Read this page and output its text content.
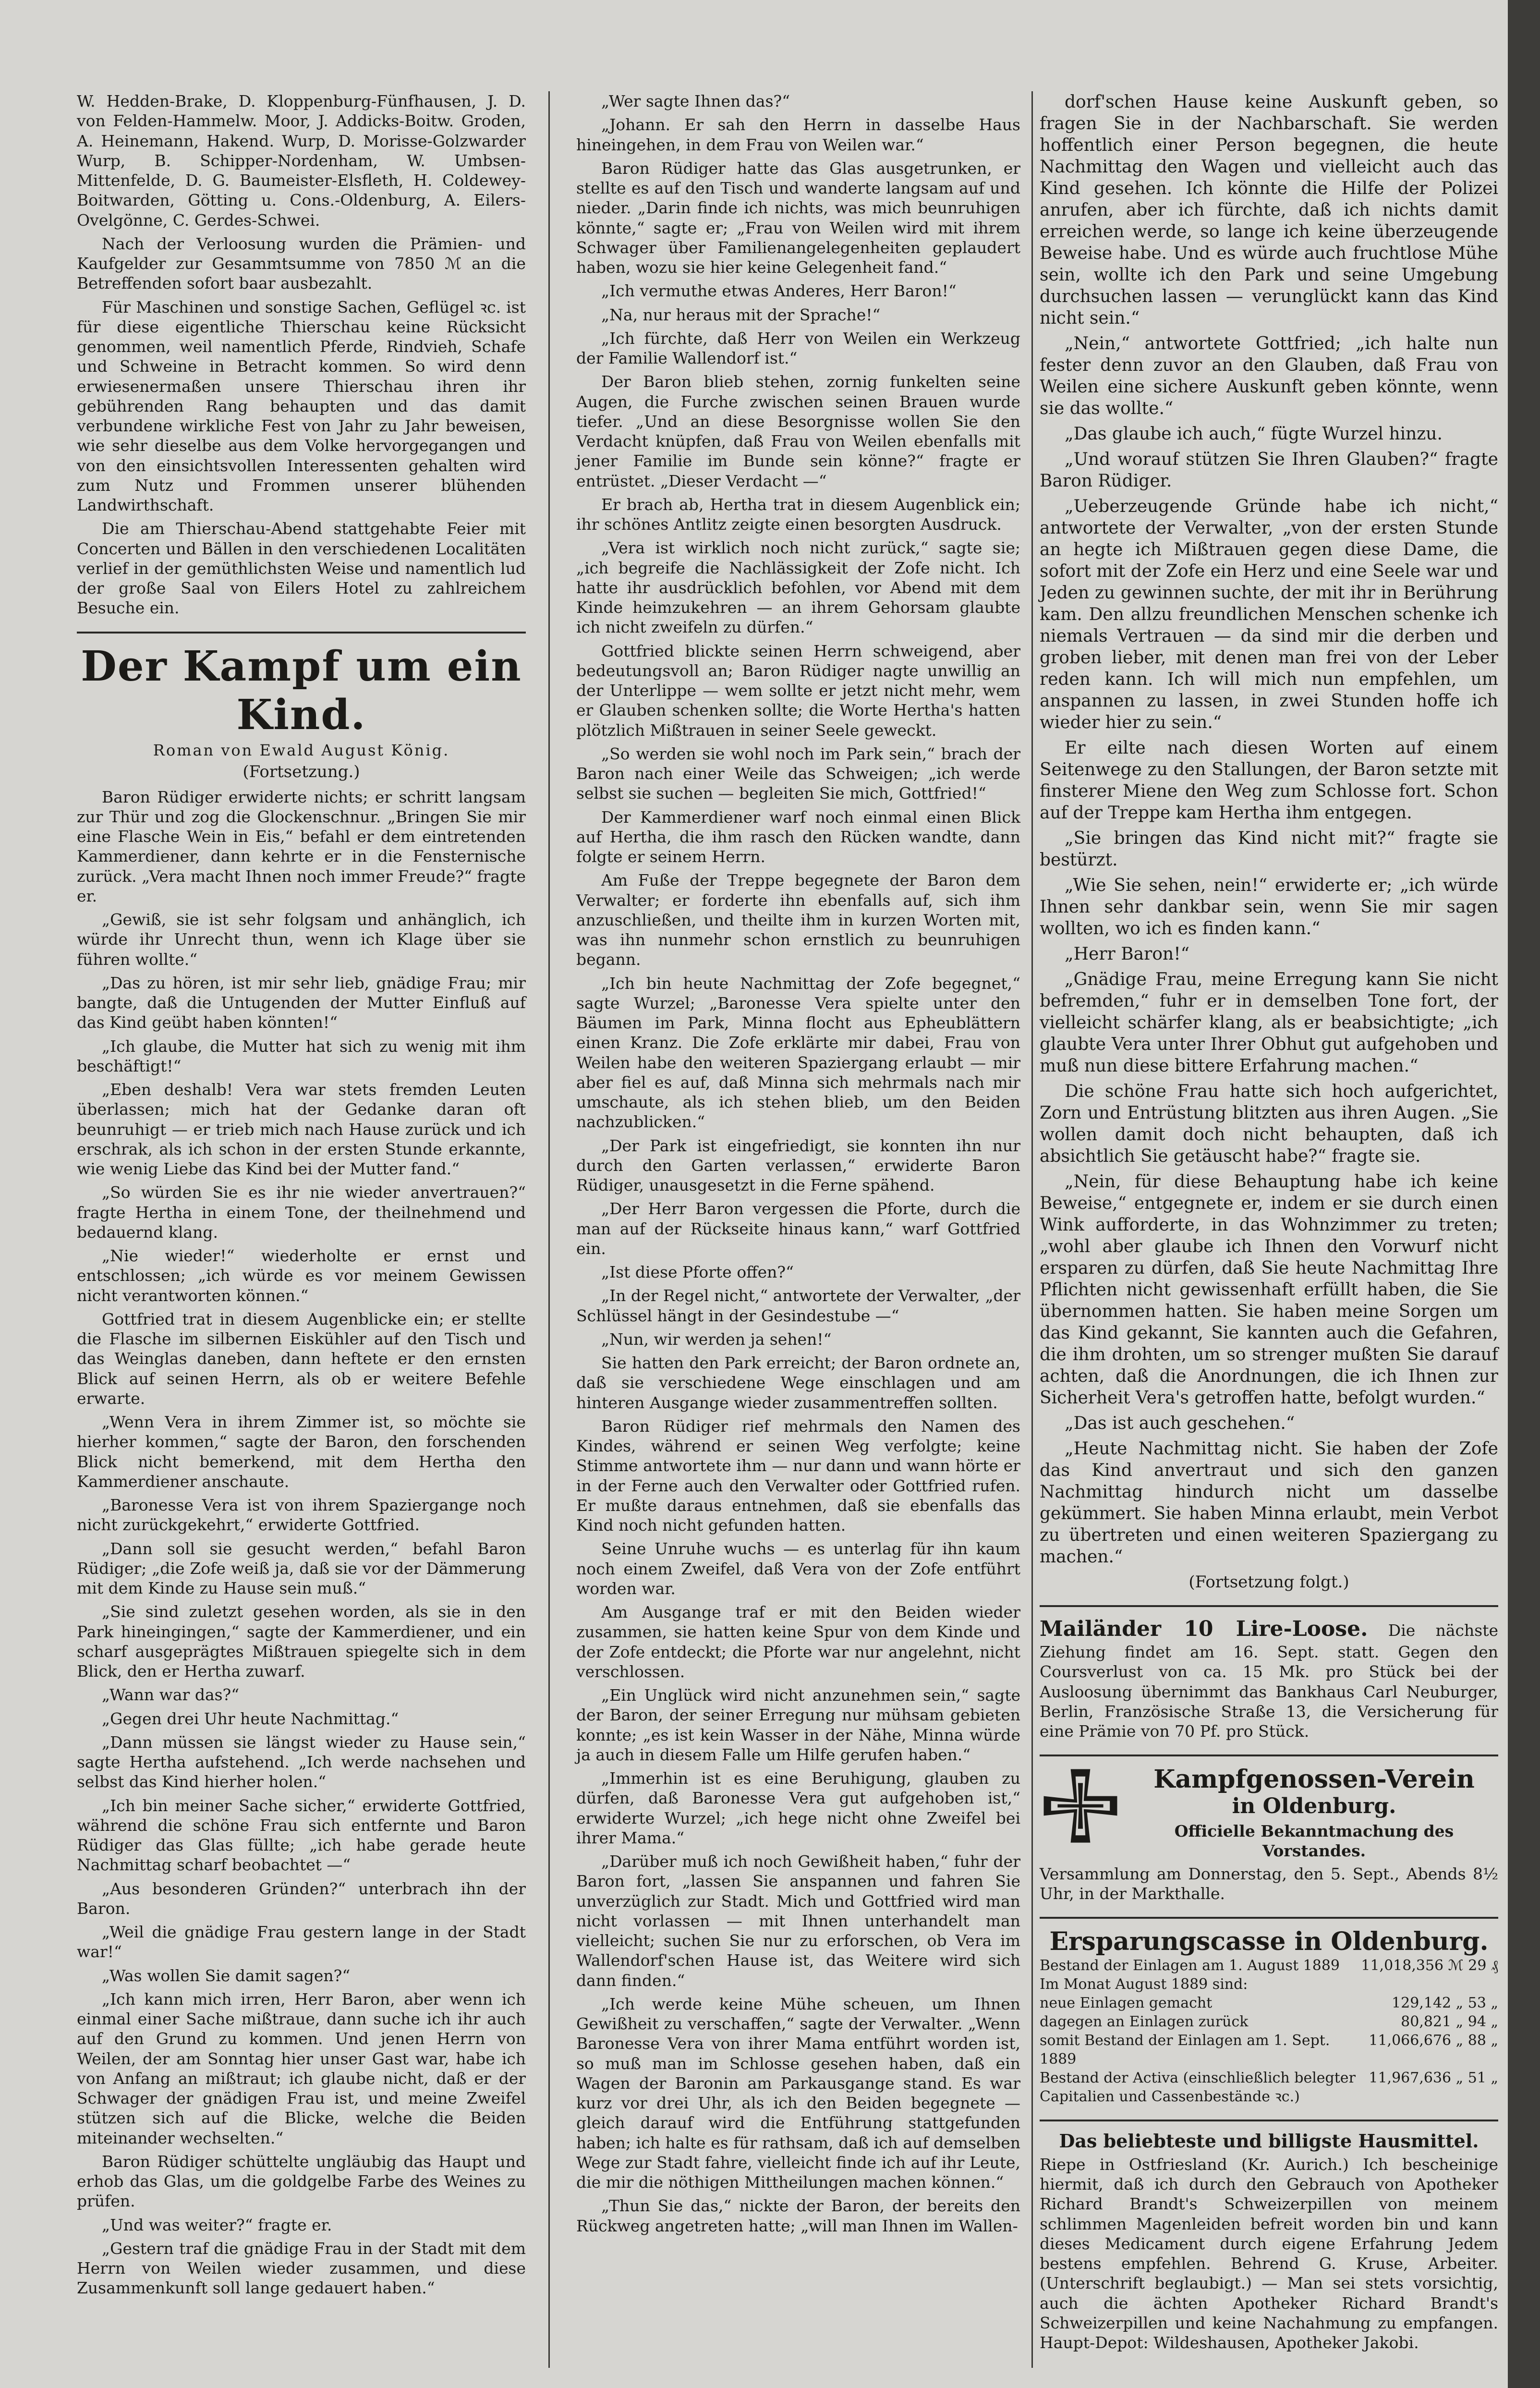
W. Hedden-Brake, D. Kloppenburg-Fünfhausen, J. D. von Felden-Hammelw. Moor, J. Addicks-Boitw. Groden, A. Heinemann, Hakend. Wurp, D. Morisse-Golzwarder Wurp, B. Schipper-Nordenham, W. Umbsen-Mittenfelde, D. G. Baumeister-Elsfleth, H. Coldewey-Boitwarden, Götting u. Cons.-Oldenburg, A. Eilers-Ovelgönne, C. Gerdes-Schwei.

Nach der Verloosung wurden die Prämien- und Kaufgelder zur Gesammtsumme von 7850 ℳ an die Betreffenden sofort baar ausbezahlt.

Für Maschinen und sonstige Sachen, Geflügel ꝛc. ist für diese eigentliche Thierschau keine Rücksicht genommen, weil namentlich Pferde, Rindvieh, Schafe und Schweine in Betracht kommen. So wird denn erwiesenermaßen unsere Thierschau ihren ihr gebührenden Rang behaupten und das damit verbundene wirkliche Fest von Jahr zu Jahr beweisen, wie sehr dieselbe aus dem Volke hervorgegangen und von den einsichtsvollen Interessenten gehalten wird zum Nutz und Frommen unserer blühenden Landwirthschaft.

Die am Thierschau-Abend stattgehabte Feier mit Concerten und Bällen in den verschiedenen Localitäten verlief in der gemüthlichsten Weise und namentlich lud der große Saal von Eilers Hotel zu zahlreichem Besuche ein.

Der Kampf um ein Kind.
Roman von Ewald August König.
(Fortsetzung.)

Baron Rüdiger erwiderte nichts; er schritt langsam zur Thür und zog die Glockenschnur. „Bringen Sie mir eine Flasche Wein in Eis,“ befahl er dem eintretenden Kammerdiener, dann kehrte er in die Fensternische zurück. „Vera macht Ihnen noch immer Freude?“ fragte er.

„Gewiß, sie ist sehr folgsam und anhänglich, ich würde ihr Unrecht thun, wenn ich Klage über sie führen wollte.“

„Das zu hören, ist mir sehr lieb, gnädige Frau; mir bangte, daß die Untugenden der Mutter Einfluß auf das Kind geübt haben könnten!“

„Ich glaube, die Mutter hat sich zu wenig mit ihm beschäftigt!“

„Eben deshalb! Vera war stets fremden Leuten überlassen; mich hat der Gedanke daran oft beunruhigt — er trieb mich nach Hause zurück und ich erschrak, als ich schon in der ersten Stunde erkannte, wie wenig Liebe das Kind bei der Mutter fand.“

„So würden Sie es ihr nie wieder anvertrauen?“ fragte Hertha in einem Tone, der theilnehmend und bedauernd klang.

„Nie wieder!“ wiederholte er ernst und entschlossen; „ich würde es vor meinem Gewissen nicht verantworten können.“

Gottfried trat in diesem Augenblicke ein; er stellte die Flasche im silbernen Eiskühler auf den Tisch und das Weinglas daneben, dann heftete er den ernsten Blick auf seinen Herrn, als ob er weitere Befehle erwarte.

„Wenn Vera in ihrem Zimmer ist, so möchte sie hierher kommen,“ sagte der Baron, den forschenden Blick nicht bemerkend, mit dem Hertha den Kammerdiener anschaute.

„Baronesse Vera ist von ihrem Spaziergange noch nicht zurückgekehrt,“ erwiderte Gottfried.

„Dann soll sie gesucht werden,“ befahl Baron Rüdiger; „die Zofe weiß ja, daß sie vor der Dämmerung mit dem Kinde zu Hause sein muß.“

„Sie sind zuletzt gesehen worden, als sie in den Park hineingingen,“ sagte der Kammerdiener, und ein scharf ausgeprägtes Mißtrauen spiegelte sich in dem Blick, den er Hertha zuwarf.

„Wann war das?“

„Gegen drei Uhr heute Nachmittag.“

„Dann müssen sie längst wieder zu Hause sein,“ sagte Hertha aufstehend. „Ich werde nachsehen und selbst das Kind hierher holen.“

„Ich bin meiner Sache sicher,“ erwiderte Gottfried, während die schöne Frau sich entfernte und Baron Rüdiger das Glas füllte; „ich habe gerade heute Nachmittag scharf beobachtet —“

„Aus besonderen Gründen?“ unterbrach ihn der Baron.

„Weil die gnädige Frau gestern lange in der Stadt war!“

„Was wollen Sie damit sagen?“

„Ich kann mich irren, Herr Baron, aber wenn ich einmal einer Sache mißtraue, dann suche ich ihr auch auf den Grund zu kommen. Und jenen Herrn von Weilen, der am Sonntag hier unser Gast war, habe ich von Anfang an mißtraut; ich glaube nicht, daß er der Schwager der gnädigen Frau ist, und meine Zweifel stützen sich auf die Blicke, welche die Beiden miteinander wechselten.“

Baron Rüdiger schüttelte ungläubig das Haupt und erhob das Glas, um die goldgelbe Farbe des Weines zu prüfen.

„Und was weiter?“ fragte er.

„Gestern traf die gnädige Frau in der Stadt mit dem Herrn von Weilen wieder zusammen, und diese Zusammenkunft soll lange gedauert haben.“

„Wer sagte Ihnen das?“

„Johann. Er sah den Herrn in dasselbe Haus hineingehen, in dem Frau von Weilen war.“

Baron Rüdiger hatte das Glas ausgetrunken, er stellte es auf den Tisch und wanderte langsam auf und nieder. „Darin finde ich nichts, was mich beunruhigen könnte,“ sagte er; „Frau von Weilen wird mit ihrem Schwager über Familienangelegenheiten geplaudert haben, wozu sie hier keine Gelegenheit fand.“

„Ich vermuthe etwas Anderes, Herr Baron!“

„Na, nur heraus mit der Sprache!“

„Ich fürchte, daß Herr von Weilen ein Werkzeug der Familie Wallendorf ist.“

Der Baron blieb stehen, zornig funkelten seine Augen, die Furche zwischen seinen Brauen wurde tiefer. „Und an diese Besorgnisse wollen Sie den Verdacht knüpfen, daß Frau von Weilen ebenfalls mit jener Familie im Bunde sein könne?“ fragte er entrüstet. „Dieser Verdacht —“

Er brach ab, Hertha trat in diesem Augenblick ein; ihr schönes Antlitz zeigte einen besorgten Ausdruck.

„Vera ist wirklich noch nicht zurück,“ sagte sie; „ich begreife die Nachlässigkeit der Zofe nicht. Ich hatte ihr ausdrücklich befohlen, vor Abend mit dem Kinde heimzukehren — an ihrem Gehorsam glaubte ich nicht zweifeln zu dürfen.“

Gottfried blickte seinen Herrn schweigend, aber bedeutungsvoll an; Baron Rüdiger nagte unwillig an der Unterlippe — wem sollte er jetzt nicht mehr, wem er Glauben schenken sollte; die Worte Hertha's hatten plötzlich Mißtrauen in seiner Seele geweckt.

„So werden sie wohl noch im Park sein,“ brach der Baron nach einer Weile das Schweigen; „ich werde selbst sie suchen — begleiten Sie mich, Gottfried!“

Der Kammerdiener warf noch einmal einen Blick auf Hertha, die ihm rasch den Rücken wandte, dann folgte er seinem Herrn.

Am Fuße der Treppe begegnete der Baron dem Verwalter; er forderte ihn ebenfalls auf, sich ihm anzuschließen, und theilte ihm in kurzen Worten mit, was ihn nunmehr schon ernstlich zu beunruhigen begann.

„Ich bin heute Nachmittag der Zofe begegnet,“ sagte Wurzel; „Baronesse Vera spielte unter den Bäumen im Park, Minna flocht aus Epheublättern einen Kranz. Die Zofe erklärte mir dabei, Frau von Weilen habe den weiteren Spaziergang erlaubt — mir aber fiel es auf, daß Minna sich mehrmals nach mir umschaute, als ich stehen blieb, um den Beiden nachzublicken.“

„Der Park ist eingefriedigt, sie konnten ihn nur durch den Garten verlassen,“ erwiderte Baron Rüdiger, unausgesetzt in die Ferne spähend.

„Der Herr Baron vergessen die Pforte, durch die man auf der Rückseite hinaus kann,“ warf Gottfried ein.

„Ist diese Pforte offen?“

„In der Regel nicht,“ antwortete der Verwalter, „der Schlüssel hängt in der Gesindestube —“

„Nun, wir werden ja sehen!“

Sie hatten den Park erreicht; der Baron ordnete an, daß sie verschiedene Wege einschlagen und am hinteren Ausgange wieder zusammentreffen sollten.

Baron Rüdiger rief mehrmals den Namen des Kindes, während er seinen Weg verfolgte; keine Stimme antwortete ihm — nur dann und wann hörte er in der Ferne auch den Verwalter oder Gottfried rufen. Er mußte daraus entnehmen, daß sie ebenfalls das Kind noch nicht gefunden hatten.

Seine Unruhe wuchs — es unterlag für ihn kaum noch einem Zweifel, daß Vera von der Zofe entführt worden war.

Am Ausgange traf er mit den Beiden wieder zusammen, sie hatten keine Spur von dem Kinde und der Zofe entdeckt; die Pforte war nur angelehnt, nicht verschlossen.

„Ein Unglück wird nicht anzunehmen sein,“ sagte der Baron, der seiner Erregung nur mühsam gebieten konnte; „es ist kein Wasser in der Nähe, Minna würde ja auch in diesem Falle um Hilfe gerufen haben.“

„Immerhin ist es eine Beruhigung, glauben zu dürfen, daß Baronesse Vera gut aufgehoben ist,“ erwiderte Wurzel; „ich hege nicht ohne Zweifel bei ihrer Mama.“

„Darüber muß ich noch Gewißheit haben,“ fuhr der Baron fort, „lassen Sie anspannen und fahren Sie unverzüglich zur Stadt. Mich und Gottfried wird man nicht vorlassen — mit Ihnen unterhandelt man vielleicht; suchen Sie nur zu erforschen, ob Vera im Wallendorf'schen Hause ist, das Weitere wird sich dann finden.“

„Ich werde keine Mühe scheuen, um Ihnen Gewißheit zu verschaffen,“ sagte der Verwalter. „Wenn Baronesse Vera von ihrer Mama entführt worden ist, so muß man im Schlosse gesehen haben, daß ein Wagen der Baronin am Parkausgange stand. Es war kurz vor drei Uhr, als ich den Beiden begegnete — gleich darauf wird die Entführung stattgefunden haben; ich halte es für rathsam, daß ich auf demselben Wege zur Stadt fahre, vielleicht finde ich auf ihr Leute, die mir die nöthigen Mittheilungen machen können.“

„Thun Sie das,“ nickte der Baron, der bereits den Rückweg angetreten hatte; „will man Ihnen im Wallen-

dorf'schen Hause keine Auskunft geben, so fragen Sie in der Nachbarschaft. Sie werden hoffentlich einer Person begegnen, die heute Nachmittag den Wagen und vielleicht auch das Kind gesehen. Ich könnte die Hilfe der Polizei anrufen, aber ich fürchte, daß ich nichts damit erreichen werde, so lange ich keine überzeugende Beweise habe. Und es würde auch fruchtlose Mühe sein, wollte ich den Park und seine Umgebung durchsuchen lassen — verunglückt kann das Kind nicht sein.“

„Nein,“ antwortete Gottfried; „ich halte nun fester denn zuvor an den Glauben, daß Frau von Weilen eine sichere Auskunft geben könnte, wenn sie das wollte.“

„Das glaube ich auch,“ fügte Wurzel hinzu.

„Und worauf stützen Sie Ihren Glauben?“ fragte Baron Rüdiger.

„Ueberzeugende Gründe habe ich nicht,“ antwortete der Verwalter, „von der ersten Stunde an hegte ich Mißtrauen gegen diese Dame, die sofort mit der Zofe ein Herz und eine Seele war und Jeden zu gewinnen suchte, der mit ihr in Berührung kam. Den allzu freundlichen Menschen schenke ich niemals Vertrauen — da sind mir die derben und groben lieber, mit denen man frei von der Leber reden kann. Ich will mich nun empfehlen, um anspannen zu lassen, in zwei Stunden hoffe ich wieder hier zu sein.“

Er eilte nach diesen Worten auf einem Seitenwege zu den Stallungen, der Baron setzte mit finsterer Miene den Weg zum Schlosse fort. Schon auf der Treppe kam Hertha ihm entgegen.

„Sie bringen das Kind nicht mit?“ fragte sie bestürzt.

„Wie Sie sehen, nein!“ erwiderte er; „ich würde Ihnen sehr dankbar sein, wenn Sie mir sagen wollten, wo ich es finden kann.“

„Herr Baron!“

„Gnädige Frau, meine Erregung kann Sie nicht befremden,“ fuhr er in demselben Tone fort, der vielleicht schärfer klang, als er beabsichtigte; „ich glaubte Vera unter Ihrer Obhut gut aufgehoben und muß nun diese bittere Erfahrung machen.“

Die schöne Frau hatte sich hoch aufgerichtet, Zorn und Entrüstung blitzten aus ihren Augen. „Sie wollen damit doch nicht behaupten, daß ich absichtlich Sie getäuscht habe?“ fragte sie.

„Nein, für diese Behauptung habe ich keine Beweise,“ entgegnete er, indem er sie durch einen Wink aufforderte, in das Wohnzimmer zu treten; „wohl aber glaube ich Ihnen den Vorwurf nicht ersparen zu dürfen, daß Sie heute Nachmittag Ihre Pflichten nicht gewissenhaft erfüllt haben, die Sie übernommen hatten. Sie haben meine Sorgen um das Kind gekannt, Sie kannten auch die Gefahren, die ihm drohten, um so strenger mußten Sie darauf achten, daß die Anordnungen, die ich Ihnen zur Sicherheit Vera's getroffen hatte, befolgt wurden.“

„Das ist auch geschehen.“

„Heute Nachmittag nicht. Sie haben der Zofe das Kind anvertraut und sich den ganzen Nachmittag hindurch nicht um dasselbe gekümmert. Sie haben Minna erlaubt, mein Verbot zu übertreten und einen weiteren Spaziergang zu machen.“

(Fortsetzung folgt.)
Mailänder 10 Lire-Loose. Die nächste Ziehung findet am 16. Sept. statt. Gegen den Coursverlust von ca. 15 Mk. pro Stück bei der Ausloosung übernimmt das Bankhaus Carl Neuburger, Berlin, Französische Straße 13, die Versicherung für eine Prämie von 70 Pf. pro Stück.
Kampfgenossen-Verein
in Oldenburg.
Officielle Bekanntmachung des Vorstandes.
Versammlung am Donnerstag, den 5. Sept., Abends 8½ Uhr, in der Markthalle.
Ersparungscasse in Oldenburg.
Bestand der Einlagen am 1. August 1889 11,018,356 ℳ 29 ₰
Im Monat August 1889 sind:
neue Einlagen gemacht	129,142 „ 53 „
dagegen an Einlagen zurück	80,821 „ 94 „
somit Bestand der Einlagen am 1. Sept. 1889
11,066,676 „ 88 „
Bestand der Activa (einschließlich belegter Capitalien und Cassenbestände ꝛc.)
11,967,636 „ 51 „
Das beliebteste und billigste Hausmittel.
Riepe in Ostfriesland (Kr. Aurich.) Ich bescheinige hiermit, daß ich durch den Gebrauch von Apotheker Richard Brandt's Schweizerpillen von meinem schlimmen Magenleiden befreit worden bin und kann dieses Medicament durch eigene Erfahrung Jedem bestens empfehlen. Behrend G. Kruse, Arbeiter. (Unterschrift beglaubigt.) — Man sei stets vorsichtig, auch die ächten Apotheker Richard Brandt's Schweizerpillen und keine Nachahmung zu empfangen. Haupt-Depot: Wildeshausen, Apotheker Jakobi.
